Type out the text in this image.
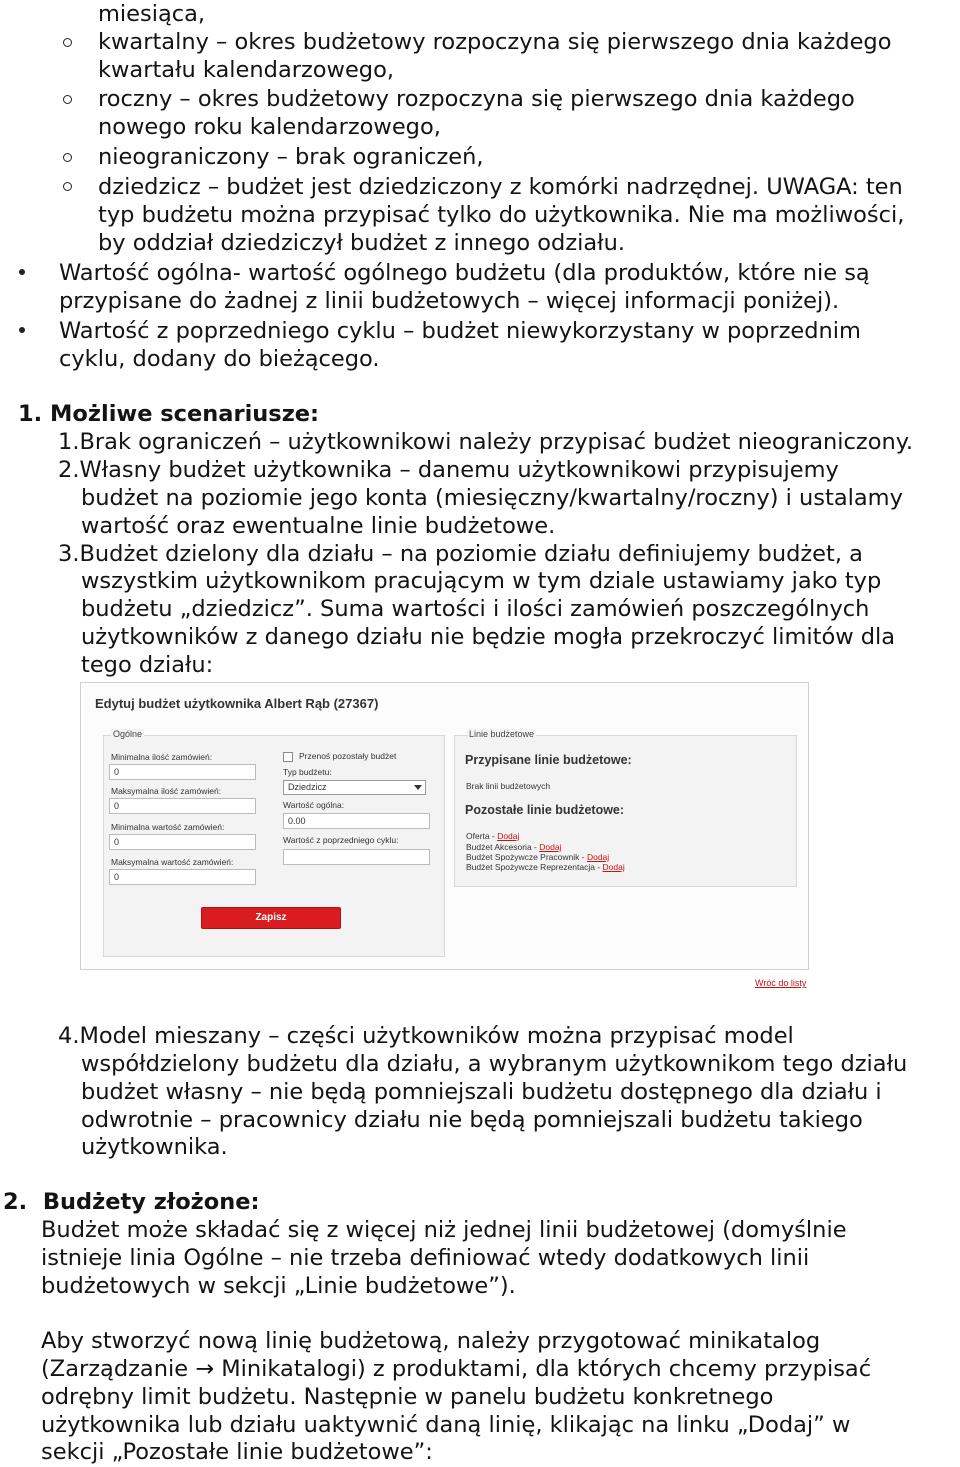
miesiąca,

kwartalny – okres budżetowy rozpoczyna się pierwszego dnia każdego

kwartału kalendarzowego,

roczny – okres budżetowy rozpoczyna się pierwszego dnia każdego

nowego roku kalendarzowego,

nieograniczony – brak ograniczeń,

dziedzicz – budżet jest dziedziczony z komórki nadrzędnej. UWAGA: ten

typ budżetu można przypisać tylko do użytkownika. Nie ma możliwości,

by oddział dziedziczył budżet z innego odziału.

Wartość ogólna- wartość ogólnego budżetu (dla produktów, które nie są

przypisane do żadnej z linii budżetowych – więcej informacji poniżej).

Wartość z poprzedniego cyklu – budżet niewykorzystany w poprzednim

cyklu, dodany do bieżącego.

1. Możliwe scenariusze:

1.Brak ograniczeń – użytkownikowi należy przypisać budżet nieograniczony.

2.Własny budżet użytkownika – danemu użytkownikowi przypisujemy

budżet na poziomie jego konta (miesięczny/kwartalny/roczny) i ustalamy

wartość oraz ewentualne linie budżetowe.

3.Budżet dzielony dla działu – na poziomie działu definiujemy budżet, a

wszystkim użytkownikom pracującym w tym dziale ustawiamy jako typ

budżetu „dziedzicz”. Suma wartości i ilości zamówień poszczególnych

użytkowników z danego działu nie będzie mogła przekroczyć limitów dla

tego działu:

Edytuj budżet użytkownika Albert Rąb (27367)
Ogólne
Minimalna ilość zamówień:
0
Maksymalna ilość zamówień:
0
Minimalna wartość zamówień:
0
Maksymalna wartość zamówień:
0
Przenoś pozostały budżet
Typ budżetu:
Dziedzicz
Wartość ogólna:
0.00
Wartość z poprzedniego cyklu:
Zapisz
Linie budżetowe
Przypisane linie budżetowe:
Brak linii budżetowych
Pozostałe linie budżetowe:
Oferta - Dodaj
Budżet Akcesoria - Dodaj
Budżet Spożywcze Pracownik - Dodaj
Budżet Spożywcze Reprezentacja - Dodaj
Wróć do listy

4.Model mieszany – części użytkowników można przypisać model

współdzielony budżetu dla działu, a wybranym użytkownikom tego działu

budżet własny – nie będą pomniejszali budżetu dostępnego dla działu i

odwrotnie – pracownicy działu nie będą pomniejszali budżetu takiego

użytkownika.

2.  Budżety złożone:

Budżet może składać się z więcej niż jednej linii budżetowej (domyślnie

istnieje linia Ogólne – nie trzeba definiować wtedy dodatkowych linii

budżetowych w sekcji „Linie budżetowe”).

Aby stworzyć nową linię budżetową, należy przygotować minikatalog

(Zarządzanie → Minikatalogi) z produktami, dla których chcemy przypisać

odrębny limit budżetu. Następnie w panelu budżetu konkretnego

użytkownika lub działu uaktywnić daną linię, klikając na linku „Dodaj” w

sekcji „Pozostałe linie budżetowe”:
